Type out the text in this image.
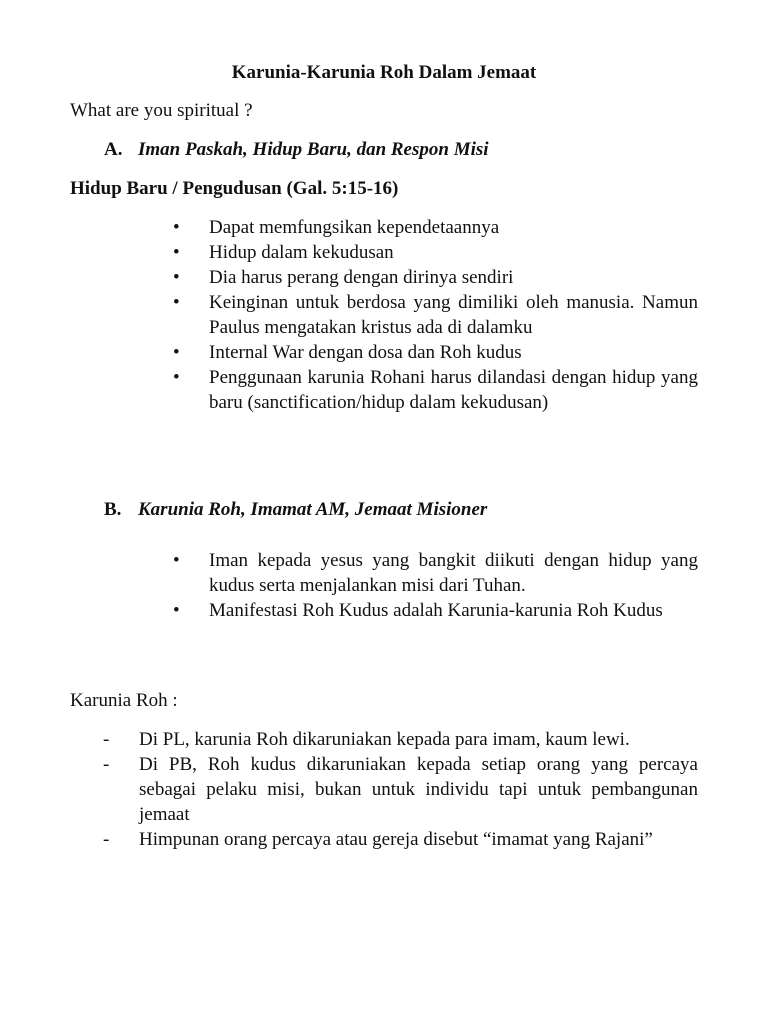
Karunia-Karunia Roh Dalam Jemaat
What are you spiritual ?
A. Iman Paskah, Hidup Baru, dan Respon Misi
Hidup Baru / Pengudusan (Gal. 5:15-16)
• Dapat memfungsikan kependetaannya
• Hidup dalam kekudusan
• Dia harus perang dengan dirinya sendiri
• Keinginan untuk berdosa yang dimiliki oleh manusia. Namun Paulus mengatakan kristus ada di dalamku
• Internal War dengan dosa dan Roh kudus
• Penggunaan karunia Rohani harus dilandasi dengan hidup yang baru (sanctification/hidup dalam kekudusan)
B. Karunia Roh, Imamat AM, Jemaat Misioner
• Iman kepada yesus yang bangkit diikuti dengan hidup yang kudus serta menjalankan misi dari Tuhan.
• Manifestasi Roh Kudus adalah Karunia-karunia Roh Kudus
Karunia Roh :
- Di PL, karunia Roh dikaruniakan kepada para imam, kaum lewi.
- Di PB, Roh kudus dikaruniakan kepada setiap orang yang percaya sebagai pelaku misi, bukan untuk individu tapi untuk pembangunan jemaat
- Himpunan orang percaya atau gereja disebut “imamat yang Rajani”
